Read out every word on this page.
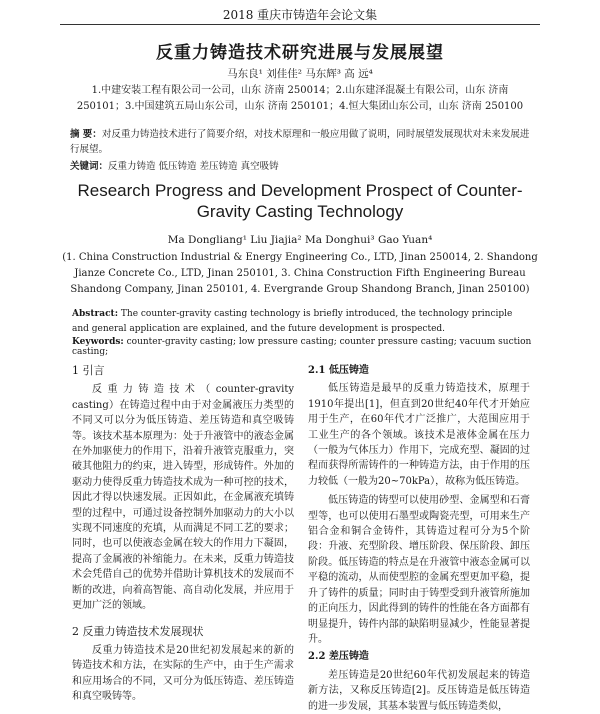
2018 重庆市铸造年会论文集
反重力铸造技术研究进展与发展展望
马东良¹ 刘佳佳² 马东辉³ 高 远⁴
1.中建安装工程有限公司一公司，山东 济南 250014；2.山东建泽混凝土有限公司，山东 济南 250101；3.中国建筑五局山东公司，山东 济南 250101；4.恒大集团山东公司，山东 济南 250100
摘 要：对反重力铸造技术进行了简要介绍，对技术原理和一般应用做了说明，同时展望发展现状对未来发展进行展望。
关键词：反重力铸造 低压铸造 差压铸造 真空吸铸
Research Progress and Development Prospect of Counter-Gravity Casting Technology
Ma Dongliang¹ Liu Jiajia² Ma Donghui³ Gao Yuan⁴
(1. China Construction Industrial & Energy Engineering Co., LTD, Jinan 250014, 2. Shandong Jianze Concrete Co., LTD, Jinan 250101, 3. China Construction Fifth Engineering Bureau Shandong Company, Jinan 250101, 4. Evergrande Group Shandong Branch, Jinan 250100)
Abstract: The counter-gravity casting technology is briefly introduced, the technology principle and general application are explained, and the future development is prospected.
Keywords: counter-gravity casting; low pressure casting; counter pressure casting; vacuum suction casting;
1 引言

反重力铸造技术（counter-gravity casting）在铸造过程中由于对金属液压力类型的不同又可以分为低压铸造、差压铸造和真空吸铸等。该技术基本原理为：处于升液管中的液态金属在外加驱使力的作用下，沿着升液管克服重力，突破其他阻力的约束，进入铸型，形成铸件。外加的驱动力使得反重力铸造技术成为一种可控的技术，因此才得以快速发展。正因如此，在金属液充填铸型的过程中，可通过设备控制外加驱动力的大小以实现不同速度的充填，从而满足不同工艺的要求；同时，也可以使液态金属在较大的作用力下凝固，提高了金属液的补缩能力。在未来，反重力铸造技术会凭借自己的优势并借助计算机技术的发展而不断的改进，向着高智能、高自动化发展，并应用于更加广泛的领域。

2 反重力铸造技术发展现状

反重力铸造技术是20世纪初发展起来的新的铸造技术和方法，在实际的生产中，由于生产需求和应用场合的不同，又可分为低压铸造、差压铸造和真空吸铸等。

2.1 低压铸造

低压铸造是最早的反重力铸造技术，原理于1910年提出[1]，但直到20世纪40年代才开始应用于生产，在60年代才广泛推广，大范围应用于工业生产的各个领域。该技术是液体金属在压力（一般为气体压力）作用下，完成充型、凝固的过程而获得所需铸件的一种铸造方法，由于作用的压力较低（一般为20~70kPa），故称为低压铸造。

低压铸造的铸型可以使用砂型、金属型和石膏型等，也可以使用石墨型或陶瓷壳型，可用来生产铝合金和铜合金铸件，其铸造过程可分为5个阶段：升液、充型阶段、增压阶段、保压阶段、卸压阶段。低压铸造的特点是在升液管中液态金属可以平稳的流动，从而使型腔的金属充型更加平稳，提升了铸件的质量；同时由于铸型受到升液管所施加的正向压力，因此得到的铸件的性能在各方面都有明显提升，铸件内部的缺陷明显减少，性能显著提升。

2.2 差压铸造

差压铸造是20世纪60年代初发展起来的铸造新方法，又称反压铸造[2]。反压铸造是低压铸造的进一步发展，其基本装置与低压铸造类似，
